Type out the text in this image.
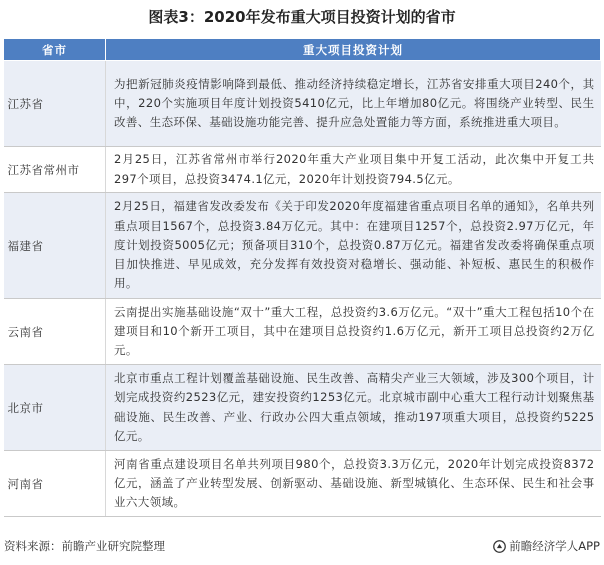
图表3：2020年发布重大项目投资计划的省市
省市	重大项目投资计划
江苏省	为把新冠肺炎疫情影响降到最低、推动经济持续稳定增长，江苏省安排重大项目240个，其中，220个实施项目年度计划投资5410亿元，比上年增加80亿元。将围绕产业转型、民生改善、生态环保、基础设施功能完善、提升应急处置能力等方面，系统推进重大项目。
江苏省常州市	2月25日，江苏省常州市举行2020年重大产业项目集中开复工活动，此次集中开复工共297个项目，总投资3474.1亿元，2020年计划投资794.5亿元。
福建省	2月25日，福建省发改委发布《关于印发2020年度福建省重点项目名单的通知》，名单共列重点项目1567个，总投资3.84万亿元。其中：在建项目1257个，总投资2.97万亿元，年度计划投资5005亿元；预备项目310个，总投资0.87万亿元。福建省发改委将确保重点项目加快推进、早见成效，充分发挥有效投资对稳增长、强动能、补短板、惠民生的积极作用。
云南省	云南提出实施基础设施“双十”重大工程，总投资约3.6万亿元。“双十”重大工程包括10个在建项目和10个新开工项目，其中在建项目总投资约1.6万亿元，新开工项目总投资约2万亿元。
北京市	北京市重点工程计划覆盖基础设施、民生改善、高精尖产业三大领域，涉及300个项目，计划完成投资约2523亿元，建安投资约1253亿元。北京城市副中心重大工程行动计划聚焦基础设施、民生改善、产业、行政办公四大重点领域，推动197项重大项目，总投资约5225亿元。
河南省	河南省重点建设项目名单共列项目980个，总投资3.3万亿元，2020年计划完成投资8372亿元，涵盖了产业转型发展、创新驱动、基础设施、新型城镇化、生态环保、民生和社会事业六大领域。
资料来源：前瞻产业研究院整理	前瞻经济学人APP
